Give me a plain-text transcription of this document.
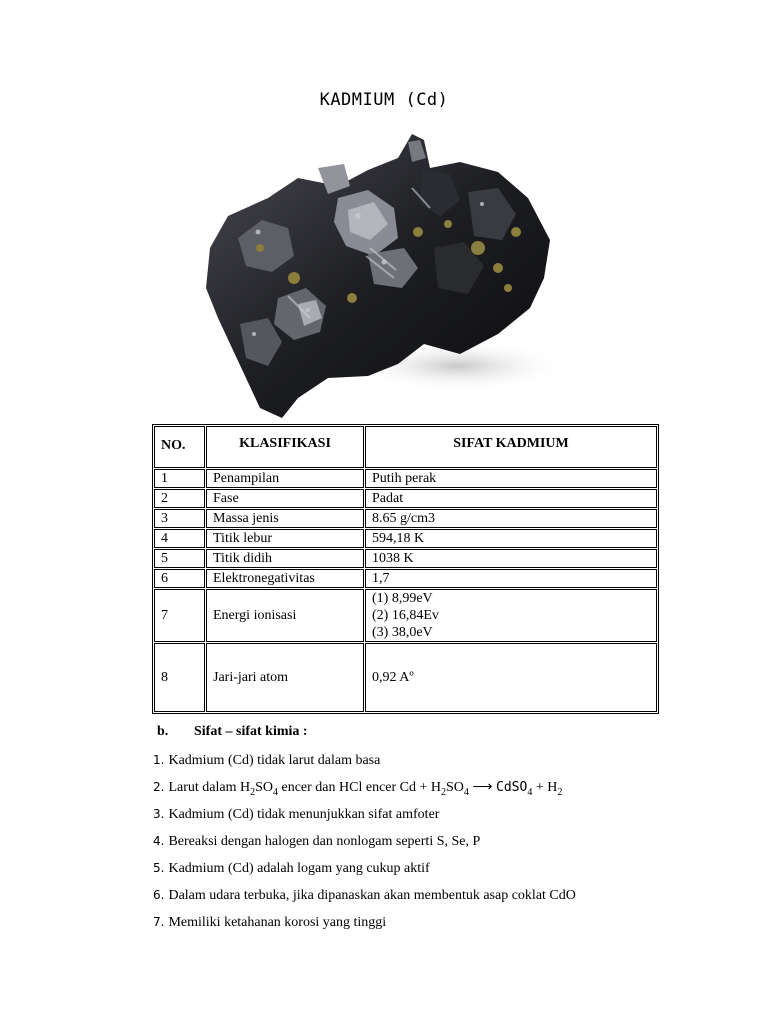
KADMIUM (Cd)
NO.	KLASIFIKASI	SIFAT KADMIUM
1	Penampilan	Putih perak
2	Fase	Padat
3	Massa jenis	8.65 g/cm3
4	Titik lebur	594,18 K
5	Titik didih	1038 K
6	Elektronegativitas	1,7
7	Energi ionisasi	(1) 8,99eV
(2) 16,84Ev
(3) 38,0eV

8	Jari-jari atom	0,92 Aº
b. Sifat – sifat kimia :
1. Kadmium (Cd) tidak larut dalam basa
2. Larut dalam $H_2SO_4$ encer dan HCl encer $Cd + H_2SO_4$ ⟶ CdSO$_4$ + $H_2$
3. Kadmium (Cd) tidak menunjukkan sifat amfoter
4. Bereaksi dengan halogen dan nonlogam seperti S, Se, P
5. Kadmium (Cd) adalah logam yang cukup aktif
6. Dalam udara terbuka, jika dipanaskan akan membentuk asap coklat CdO
7. Memiliki ketahanan korosi yang tinggi
